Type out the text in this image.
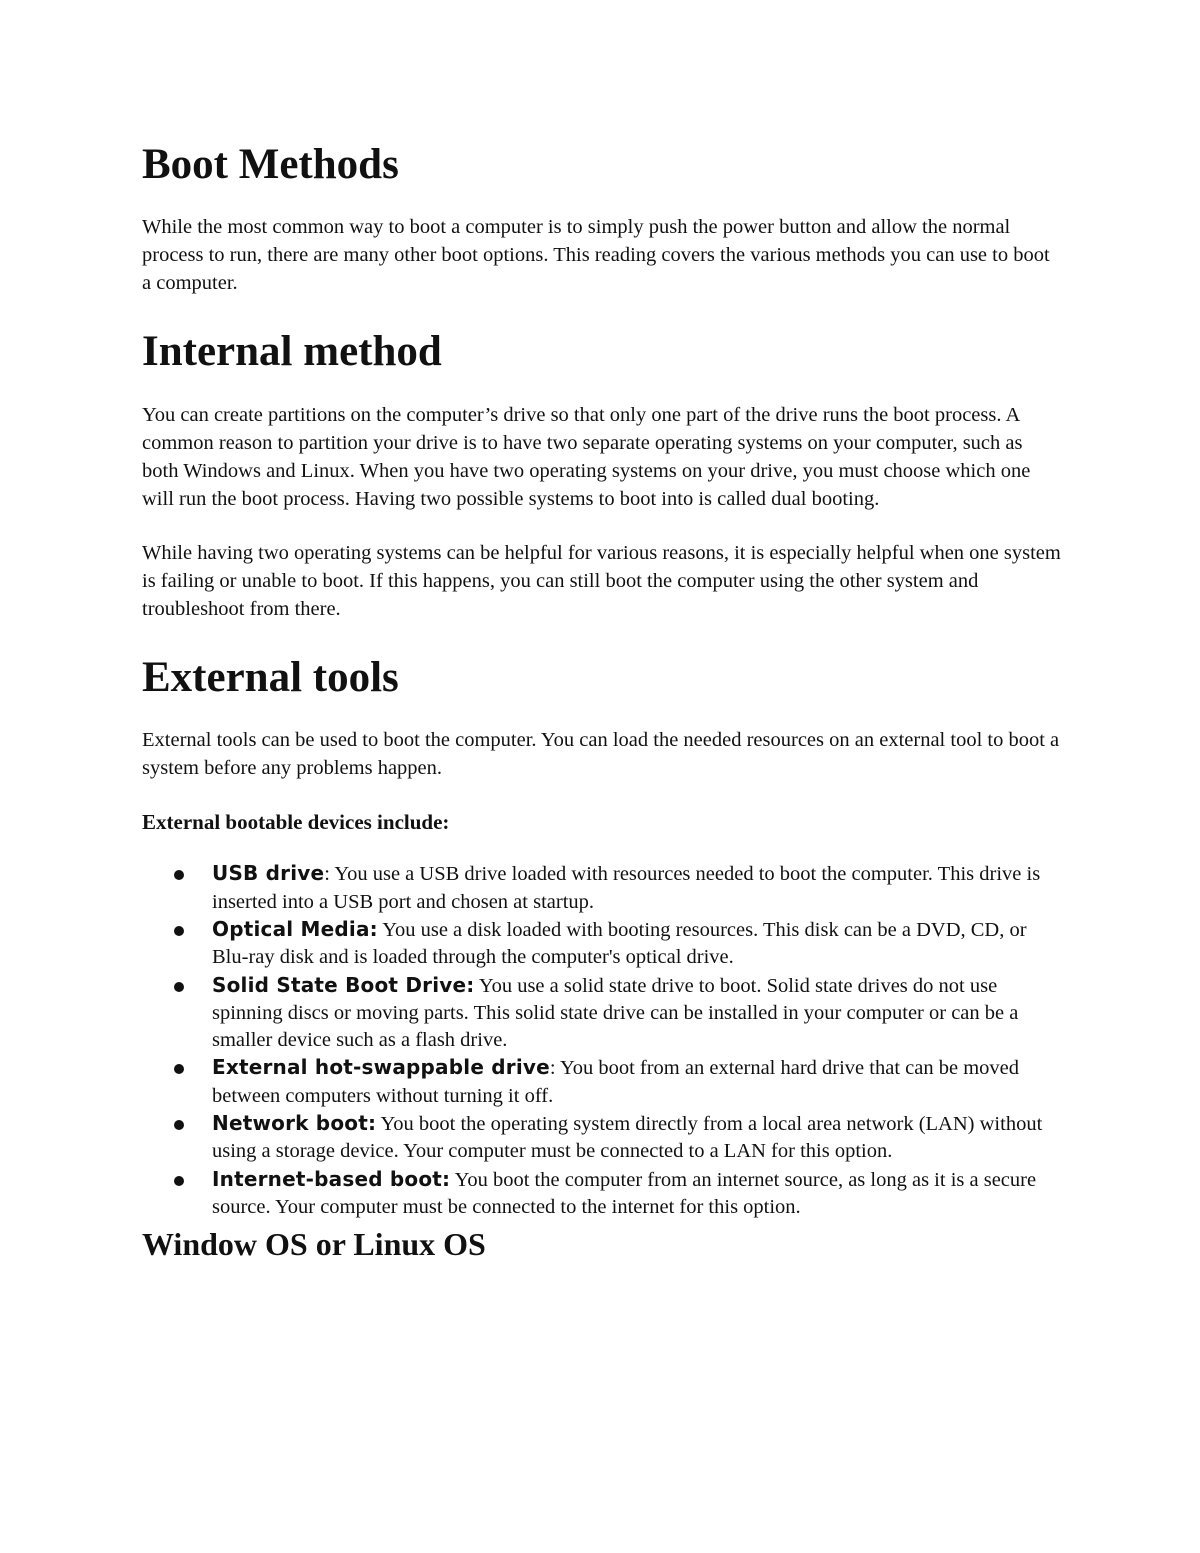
Boot Methods

While the most common way to boot a computer is to simply push the power button and allow the normal process to run, there are many other boot options. This reading covers the various methods you can use to boot a computer.

Internal method

You can create partitions on the computer’s drive so that only one part of the drive runs the boot process. A common reason to partition your drive is to have two separate operating systems on your computer, such as both Windows and Linux. When you have two operating systems on your drive, you must choose which one will run the boot process. Having two possible systems to boot into is called dual booting.

While having two operating systems can be helpful for various reasons, it is especially helpful when one system is failing or unable to boot. If this happens, you can still boot the computer using the other system and troubleshoot from there.

External tools

External tools can be used to boot the computer. You can load the needed resources on an external tool to boot a system before any problems happen.

External bootable devices include:

USB drive: You use a USB drive loaded with resources needed to boot the computer. This drive is inserted into a USB port and chosen at startup.
Optical Media: You use a disk loaded with booting resources. This disk can be a DVD, CD, or Blu-ray disk and is loaded through the computer's optical drive.
Solid State Boot Drive: You use a solid state drive to boot. Solid state drives do not use spinning discs or moving parts. This solid state drive can be installed in your computer or can be a smaller device such as a flash drive.
External hot-swappable drive: You boot from an external hard drive that can be moved between computers without turning it off.
Network boot: You boot the operating system directly from a local area network (LAN) without using a storage device. Your computer must be connected to a LAN for this option.
Internet-based boot: You boot the computer from an internet source, as long as it is a secure source. Your computer must be connected to the internet for this option.
Window OS or Linux OS
